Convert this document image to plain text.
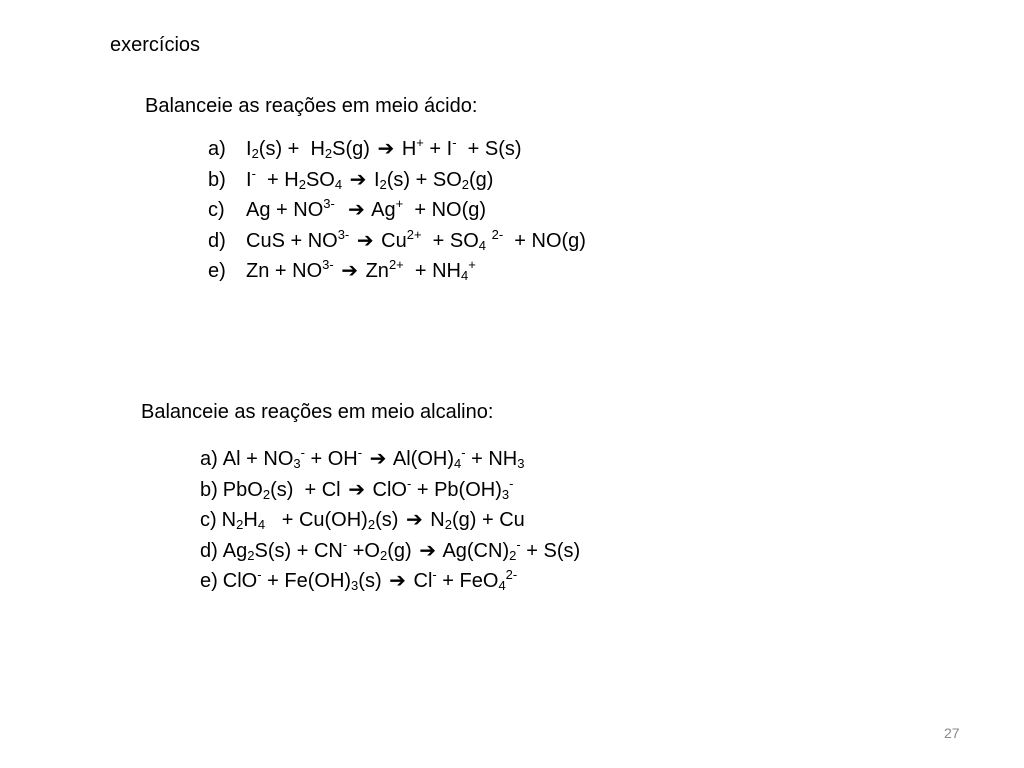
exercícios
Balanceie as reações em meio ácido:
a) $I_2(s) + H_2S(g)$ ➔ H+ + I-  + S(s)
b) $I^- + H_2SO_4$ ➔ $I_2(s) + SO_2(g)$
c) $Ag + NO^{3-}$ ➔ Ag+  + NO(g)
d) CuS + $NO^{3-}$ ➔ $Cu^{2+} + SO_4$ $^{2-}$  + NO(g)
e) $Zn + NO^{3-}$ ➔ $Zn^{2+} + NH_4^+$
Balanceie as reações em meio alcalino:
a) $Al + NO_3^- + OH^-$ ➔ $Al(OH)_4^- + NH_3$
b) PbO$_2$(s)  + Cl ➔ $ClO^- + Pb(OH)_3^-$
c) $N_2H_4 + Cu(OH)_2(s)$ ➔ $N_2(g) + Cu$
d) $Ag_2S(s) + CN^- +O_2(g)$ ➔ $Ag(CN)_2^- + S(s)$
e) $ClO^- + Fe(OH)_3(s)$ ➔ Cl- + FeO$_4^{2-}$
27
